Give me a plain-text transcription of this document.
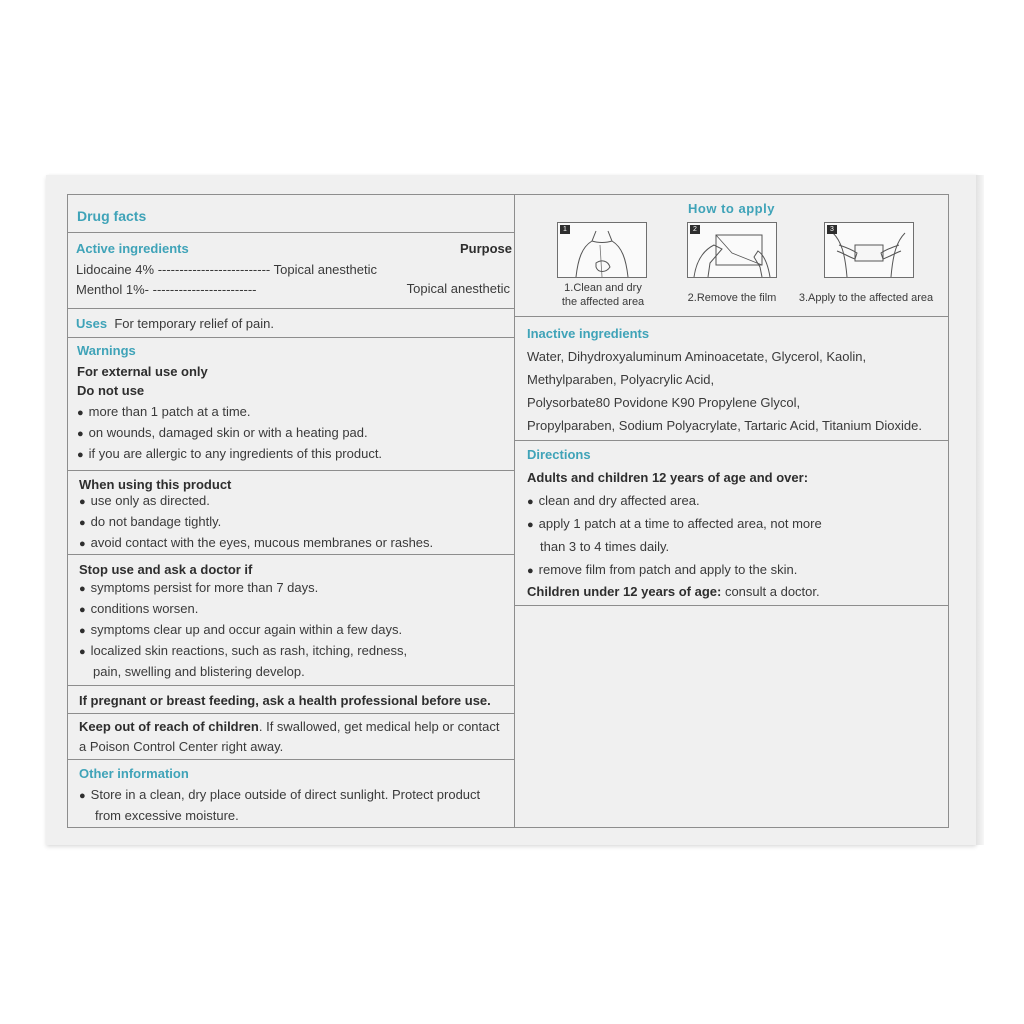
Drug facts
Active ingredients	Purpose
Lidocaine 4% -------------------------- Topical anesthetic
Menthol 1%- ------------------------	Topical anesthetic
Uses For temporary relief of pain.
Warnings
For external use only
Do not use
● more than 1 patch at a time.
● on wounds, damaged skin or with a heating pad.
● if you are allergic to any ingredients of this product.
When using this product
● use only as directed.
● do not bandage tightly.
● avoid contact with the eyes, mucous membranes or rashes.
Stop use and ask a doctor if
● symptoms persist for more than 7 days.
● conditions worsen.
● symptoms clear up and occur again within a few days.
● localized skin reactions, such as rash, itching, redness,
pain, swelling and blistering develop.
If pregnant or breast feeding, ask a health professional before use.
Keep out of reach of children. If swallowed, get medical help or contact
a Poison Control Center right away.
Other information
● Store in a clean, dry place outside of direct sunlight. Protect product
from excessive moisture.
How to apply
1
1.Clean and dry
the affected area
2
2.Remove the film
3
3.Apply to the affected area
Inactive ingredients
Water, Dihydroxyaluminum Aminoacetate, Glycerol, Kaolin,
Methylparaben, Polyacrylic Acid,
Polysorbate80 Povidone K90 Propylene Glycol,
Propylparaben, Sodium Polyacrylate, Tartaric Acid, Titanium Dioxide.
Directions
Adults and children 12 years of age and over:
● clean and dry affected area.
● apply 1 patch at a time to affected area, not more
than 3 to 4 times daily.
● remove film from patch and apply to the skin.
Children under 12 years of age: consult a doctor.
